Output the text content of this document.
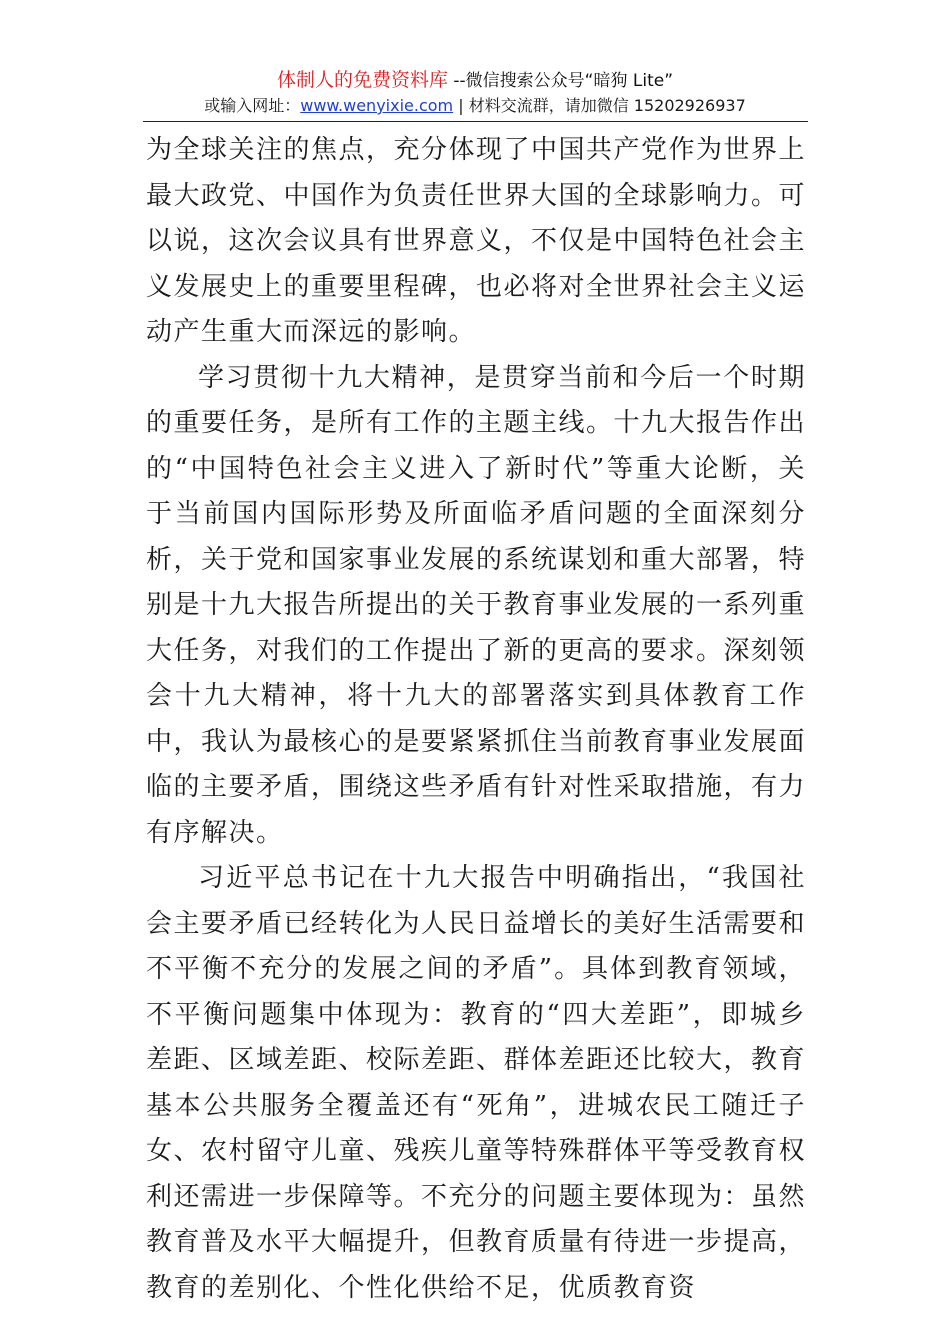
体制人的免费资料库 --微信搜索公众号“暗狗 Lite”
或输入网址：www.wenyixie.com | 材料交流群，请加微信 15202926937

为全球关注的焦点，充分体现了中国共产党作为世界上最大政党、中国作为负责任世界大国的全球影响力。可以说，这次会议具有世界意义，不仅是中国特色社会主义发展史上的重要里程碑，也必将对全世界社会主义运动产生重大而深远的影响。

学习贯彻十九大精神，是贯穿当前和今后一个时期的重要任务，是所有工作的主题主线。十九大报告作出的“中国特色社会主义进入了新时代”等重大论断，关于当前国内国际形势及所面临矛盾问题的全面深刻分析，关于党和国家事业发展的系统谋划和重大部署，特别是十九大报告所提出的关于教育事业发展的一系列重大任务，对我们的工作提出了新的更高的要求。深刻领会十九大精神，将十九大的部署落实到具体教育工作中，我认为最核心的是要紧紧抓住当前教育事业发展面临的主要矛盾，围绕这些矛盾有针对性采取措施，有力有序解决。

习近平总书记在十九大报告中明确指出，“我国社会主要矛盾已经转化为人民日益增长的美好生活需要和不平衡不充分的发展之间的矛盾”。具体到教育领域，不平衡问题集中体现为：教育的“四大差距”，即城乡差距、区域差距、校际差距、群体差距还比较大，教育基本公共服务全覆盖还有“死角”，进城农民工随迁子女、农村留守儿童、残疾儿童等特殊群体平等受教育权利还需进一步保障等。不充分的问题主要体现为：虽然教育普及水平大幅提升，但教育质量有待进一步提高，教育的差别化、个性化供给不足，优质教育资
